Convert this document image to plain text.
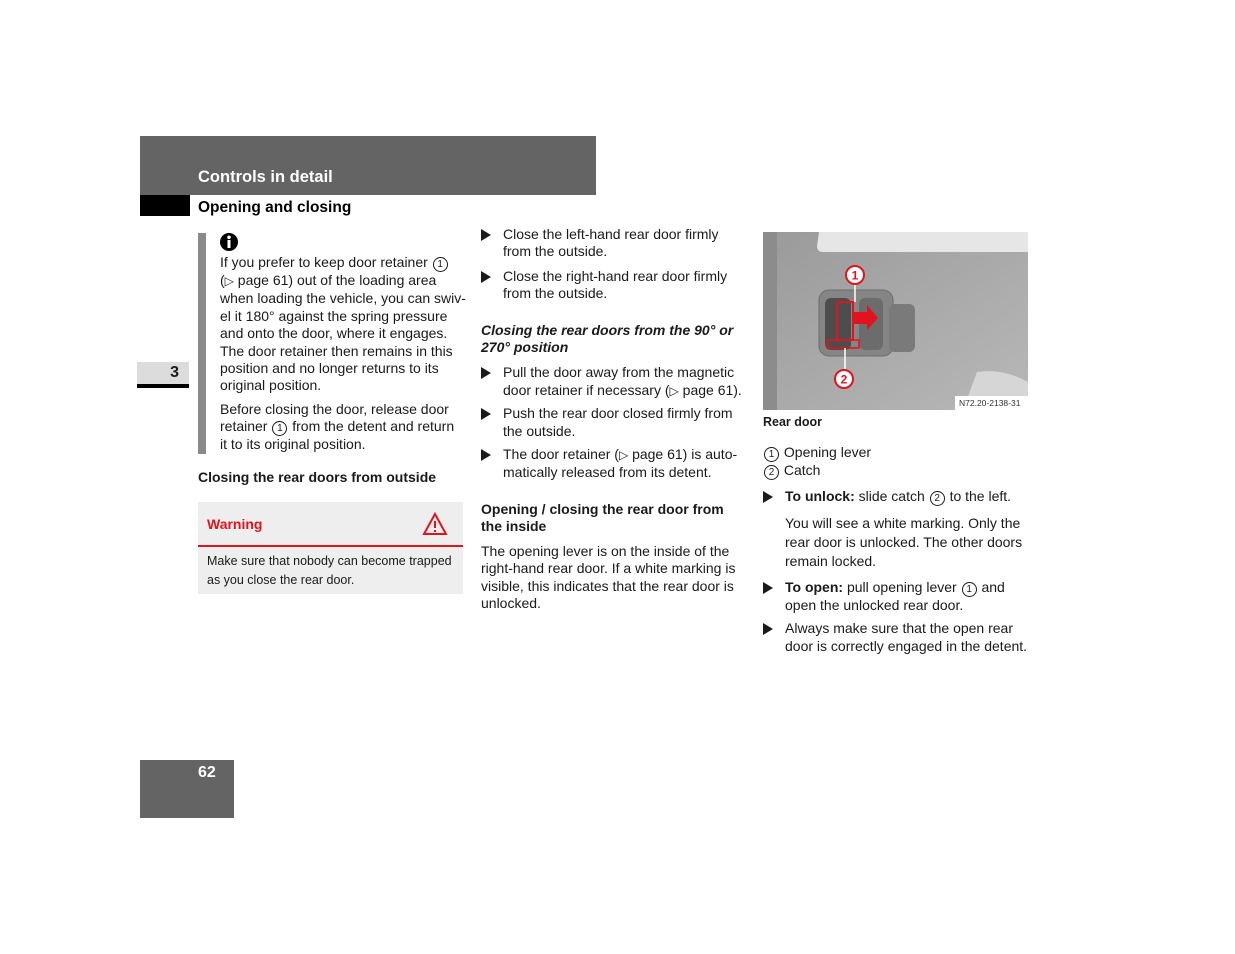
Controls in detail
Opening and closing
3
62

If you prefer to keep door retainer 1

(▷ page 61) out of the loading area

when loading the vehicle, you can swiv-

el it 180° against the spring pressure

and onto the door, where it engages.

The door retainer then remains in this

position and no longer returns to its

original position.

Before closing the door, release door

retainer 1 from the detent and return

it to its original position.

Closing the rear doors from outside
Warning
Make sure that nobody can become trapped
as you close the rear door.
Close the left-hand rear door firmly
from the outside.
Close the right-hand rear door firmly
from the outside.
Closing the rear doors from the 90° or
270° position
Pull the door away from the magnetic
door retainer if necessary (▷ page 61).
Push the rear door closed firmly from
the outside.
The door retainer (▷ page 61) is auto-
matically released from its detent.
Opening / closing the rear door from
the inside
The opening lever is on the inside of the
right-hand rear door. If a white marking is
visible, this indicates that the rear door is
unlocked.
1
2
N72.20-2138-31
Rear door
1 Opening lever
2 Catch
To unlock: slide catch 2 to the left.
You will see a white marking. Only the
rear door is unlocked. The other doors
remain locked.
To open: pull opening lever 1 and
open the unlocked rear door.
Always make sure that the open rear
door is correctly engaged in the detent.
